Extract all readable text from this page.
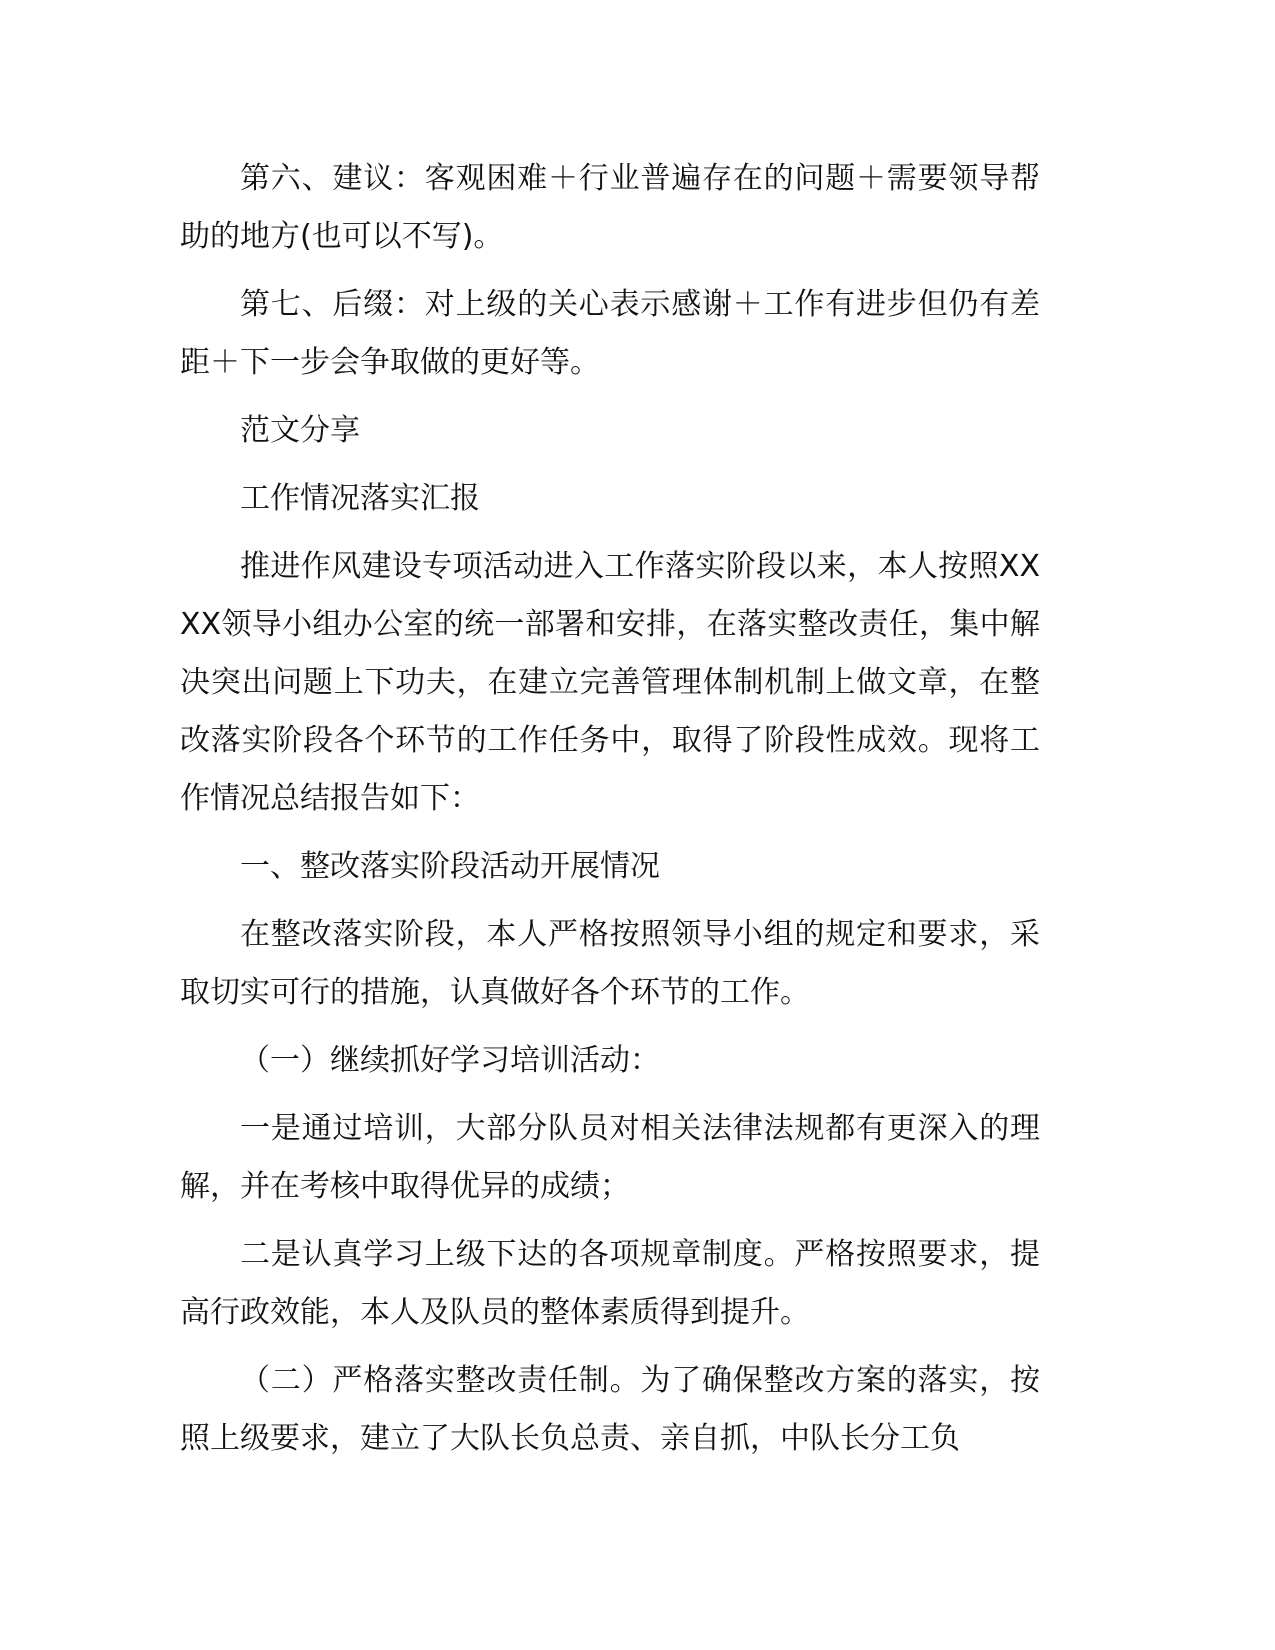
第六、建议：客观困难＋行业普遍存在的问题＋需要领导帮助的地方(也可以不写)。

第七、后缀：对上级的关心表示感谢＋工作有进步但仍有差距＋下一步会争取做的更好等。

范文分享

工作情况落实汇报

推进作风建设专项活动进入工作落实阶段以来，本人按照XXXX领导小组办公室的统一部署和安排，在落实整改责任，集中解决突出问题上下功夫，在建立完善管理体制机制上做文章，在整改落实阶段各个环节的工作任务中，取得了阶段性成效。现将工作情况总结报告如下：

一、整改落实阶段活动开展情况

在整改落实阶段，本人严格按照领导小组的规定和要求，采取切实可行的措施，认真做好各个环节的工作。

（一）继续抓好学习培训活动：

一是通过培训，大部分队员对相关法律法规都有更深入的理解，并在考核中取得优异的成绩；

二是认真学习上级下达的各项规章制度。严格按照要求，提高行政效能，本人及队员的整体素质得到提升。

（二）严格落实整改责任制。为了确保整改方案的落实，按照上级要求，建立了大队长负总责、亲自抓，中队长分工负
